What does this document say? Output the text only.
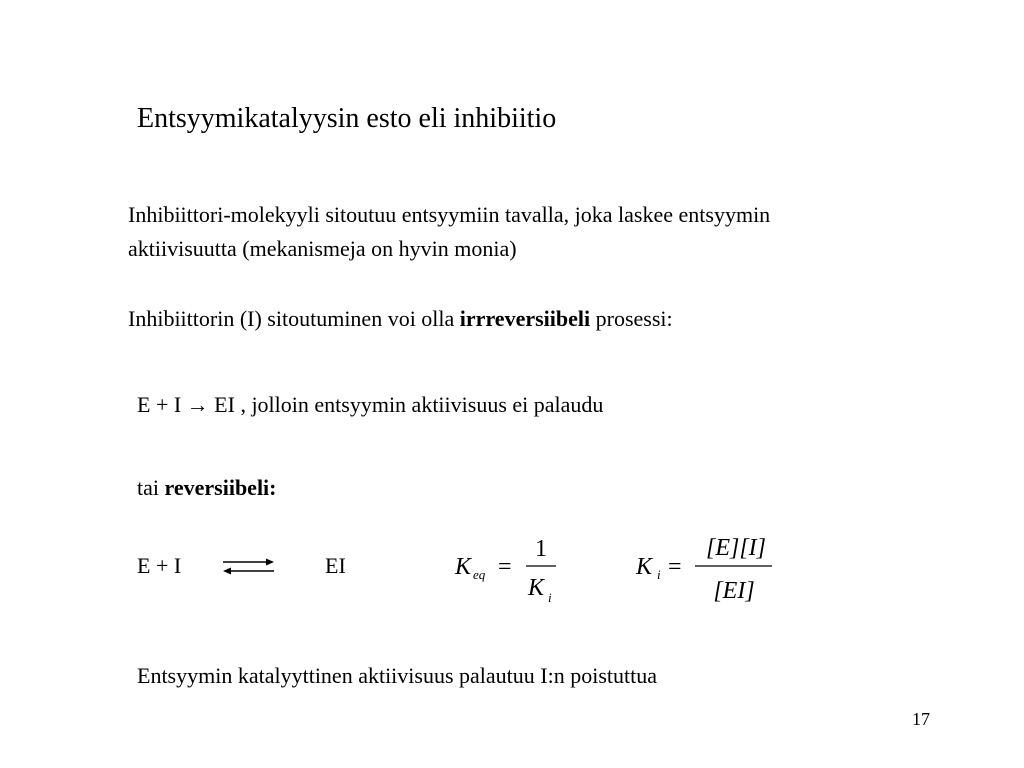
Entsyymikatalyysin esto eli inhibiitio
Inhibiittori-molekyyli sitoutuu entsyymiin tavalla, joka laskee entsyymin
aktiivisuutta (mekanismeja on hyvin monia)
Inhibiittorin (I) sitoutuminen voi olla irrreversiibeli prosessi:
E + I → EI , jolloin entsyymin aktiivisuus ei palaudu
tai reversiibeli:
E + I	EI	K eq =
1
K i
K i =
[E][I]
[EI]
Entsyymin katalyyttinen aktiivisuus palautuu I:n poistuttua
17
